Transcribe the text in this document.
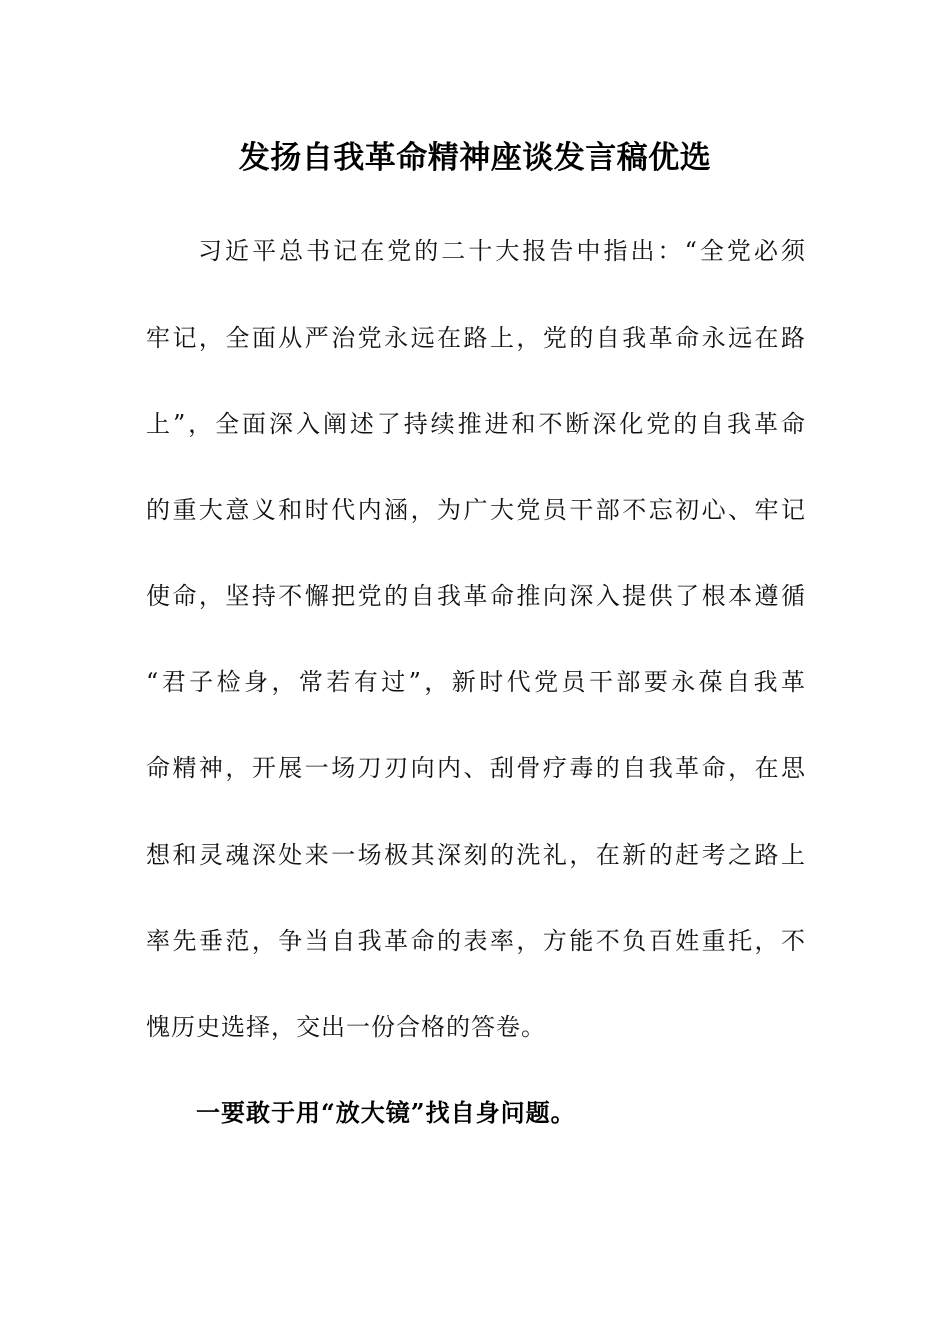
发扬自我革命精神座谈发言稿优选
习近平总书记在党的二十大报告中指出：“全党必须
牢记，全面从严治党永远在路上，党的自我革命永远在路
上”，全面深入阐述了持续推进和不断深化党的自我革命
的重大意义和时代内涵，为广大党员干部不忘初心、牢记
使命，坚持不懈把党的自我革命推向深入提供了根本遵循
“君子检身，常若有过”，新时代党员干部要永葆自我革
命精神，开展一场刀刃向内、刮骨疗毒的自我革命，在思
想和灵魂深处来一场极其深刻的洗礼，在新的赶考之路上
率先垂范，争当自我革命的表率，方能不负百姓重托，不
愧历史选择，交出一份合格的答卷。
一要敢于用“放大镜”找自身问题。
